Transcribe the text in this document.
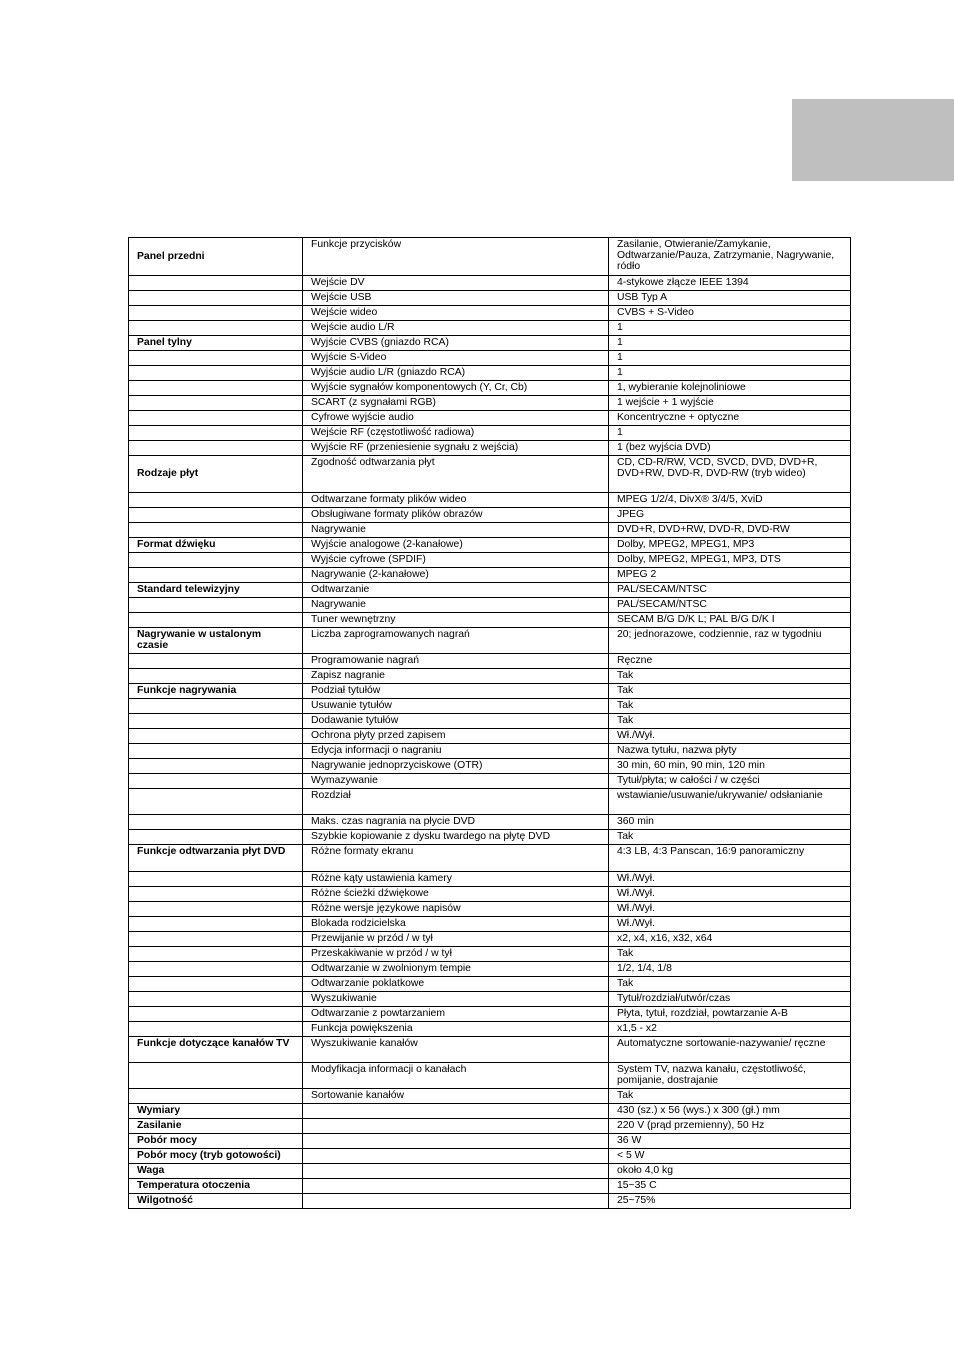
Panel przedni	Funkcje przycisków	Zasilanie, Otwieranie/Zamykanie, Odtwarzanie/Pauza, Zatrzymanie, Nagrywanie, ródło
	Wejście DV	4-stykowe złącze IEEE 1394
	Wejście USB	USB Typ A
	Wejście wideo	CVBS + S-Video
	Wejście audio L/R	1
Panel tylny	Wyjście CVBS (gniazdo RCA)	1
	Wyjście S-Video	1
	Wyjście audio L/R (gniazdo RCA)	1
	Wyjście sygnałów komponentowych (Y, Cr, Cb)	1, wybieranie kolejnoliniowe
	SCART (z sygnałami RGB)	1 wejście + 1 wyjście
	Cyfrowe wyjście audio	Koncentryczne + optyczne
	Wejście RF (częstotliwość radiowa)	1
	Wyjście RF (przeniesienie sygnału z wejścia)	1 (bez wyjścia DVD)
Rodzaje płyt	Zgodność odtwarzania płyt	CD, CD-R/RW, VCD, SVCD, DVD, DVD+R, DVD+RW, DVD-R, DVD-RW (tryb wideo)
	Odtwarzane formaty plików wideo	MPEG 1/2/4, DivX® 3/4/5, XviD
	Obsługiwane formaty plików obrazów	JPEG
	Nagrywanie	DVD+R, DVD+RW, DVD-R, DVD-RW
Format dźwięku	Wyjście analogowe (2-kanałowe)	Dolby, MPEG2, MPEG1, MP3
	Wyjście cyfrowe (SPDIF)	Dolby, MPEG2, MPEG1, MP3, DTS
	Nagrywanie (2-kanałowe)	MPEG 2
Standard telewizyjny	Odtwarzanie	PAL/SECAM/NTSC
	Nagrywanie	PAL/SECAM/NTSC
	Tuner wewnętrzny	SECAM B/G D/K L; PAL B/G D/K I
Nagrywanie w ustalonym czasie	Liczba zaprogramowanych nagrań	20; jednorazowe, codziennie, raz w tygodniu
	Programowanie nagrań	Ręczne
	Zapisz nagranie	Tak
Funkcje nagrywania	Podział tytułów	Tak
	Usuwanie tytułów	Tak
	Dodawanie tytułów	Tak
	Ochrona płyty przed zapisem	Wł./Wył.
	Edycja informacji o nagraniu	Nazwa tytułu, nazwa płyty
	Nagrywanie jednoprzyciskowe (OTR)	30 min, 60 min, 90 min, 120 min
	Wymazywanie	Tytuł/płyta; w całości / w części
	Rozdział	wstawianie/usuwanie/ukrywanie/ odsłanianie
	Maks. czas nagrania na płycie DVD	360 min
	Szybkie kopiowanie z dysku twardego na płytę DVD	Tak
Funkcje odtwarzania płyt DVD	Różne formaty ekranu	4:3 LB, 4:3 Panscan, 16:9 panoramiczny
	Różne kąty ustawienia kamery	Wł./Wył.
	Różne ścieżki dźwiękowe	Wł./Wył.
	Różne wersje językowe napisów	Wł./Wył.
	Blokada rodzicielska	Wł./Wył.
	Przewijanie w przód / w tył	x2, x4, x16, x32, x64
	Przeskakiwanie w przód / w tył	Tak
	Odtwarzanie w zwolnionym tempie	1/2, 1/4, 1/8
	Odtwarzanie poklatkowe	Tak
	Wyszukiwanie	Tytuł/rozdział/utwór/czas
	Odtwarzanie z powtarzaniem	Płyta, tytuł, rozdział, powtarzanie A-B
	Funkcja powiększenia	x1,5 - x2
Funkcje dotyczące kanałów TV	Wyszukiwanie kanałów	Automatyczne sortowanie-nazywanie/ ręczne
	Modyfikacja informacji o kanałach	System TV, nazwa kanału, częstotliwość, pomijanie, dostrajanie
	Sortowanie kanałów	Tak
Wymiary		430 (sz.) x 56 (wys.) x 300 (gł.) mm
Zasilanie		220 V (prąd przemienny), 50 Hz
Pobór mocy		36 W
Pobór mocy (tryb gotowości)		< 5 W
Waga		około 4,0 kg
Temperatura otoczenia		15~35 C
Wilgotność		25~75%
